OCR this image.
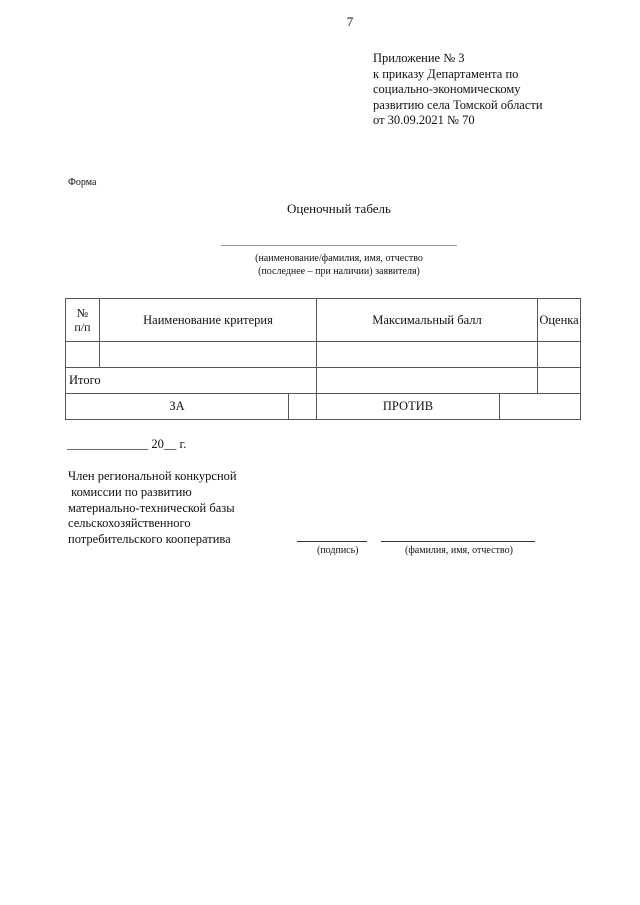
7
Приложение № 3
к приказу Департамента по
социально-экономическому
развитию села Томской области
от 30.09.2021 № 70
Форма
Оценочный табель
(наименование/фамилия, имя, отчество
(последнее – при наличии) заявителя)
№
п/п	Наименование критерия		Максимальный балл		Оценка

Итого					
ЗА			ПРОТИВ		
_____________ 20__ г.
Член региональной конкурсной
комиссии по развитию
материально-технической базы
сельскохозяйственного
потребительского кооператива
(подпись)	(фамилия, имя, отчество)
